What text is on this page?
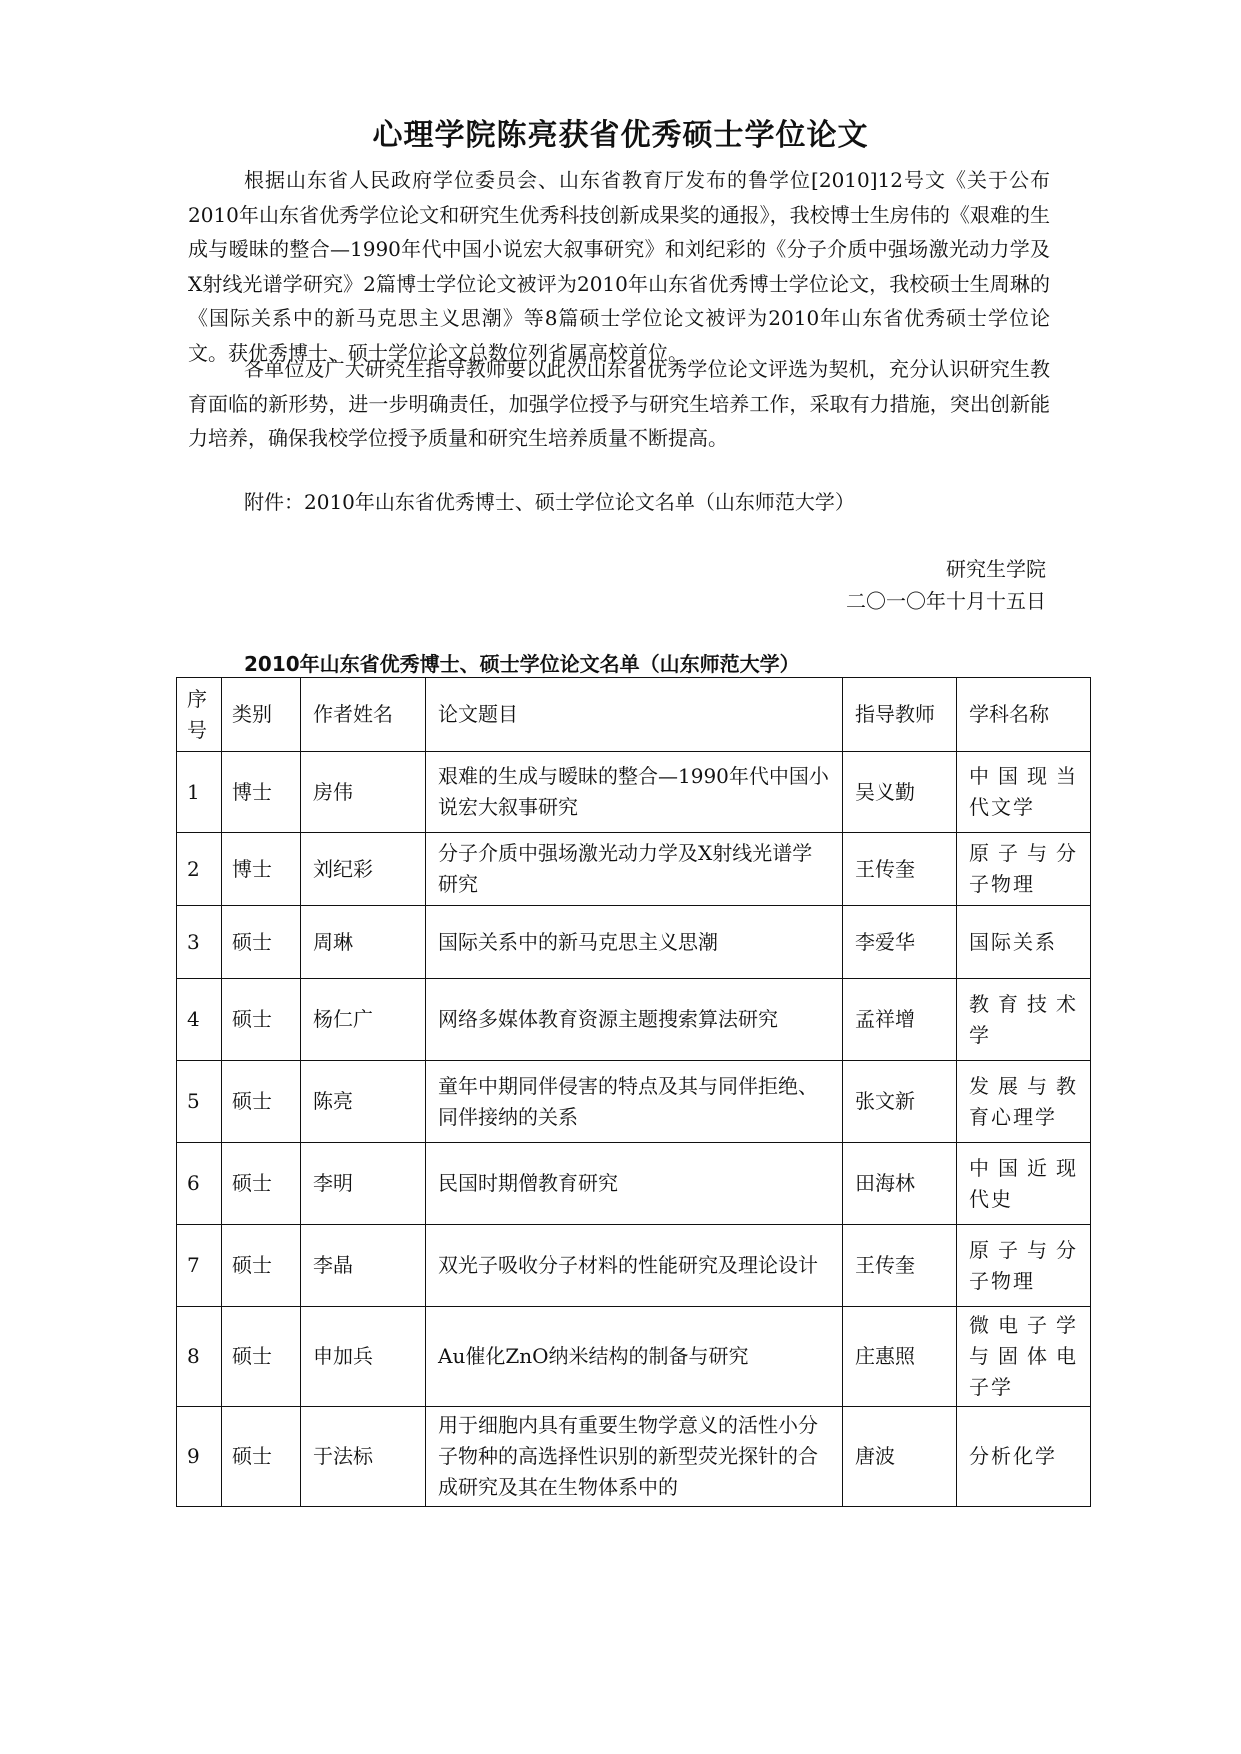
心理学院陈亮获省优秀硕士学位论文
根据山东省人民政府学位委员会、山东省教育厅发布的鲁学位[2010]12号文《关于公布2010年山东省优秀学位论文和研究生优秀科技创新成果奖的通报》，我校博士生房伟的《艰难的生成与暧昧的整合—1990年代中国小说宏大叙事研究》和刘纪彩的《分子介质中强场激光动力学及X射线光谱学研究》2篇博士学位论文被评为2010年山东省优秀博士学位论文，我校硕士生周琳的《国际关系中的新马克思主义思潮》等8篇硕士学位论文被评为2010年山东省优秀硕士学位论文。获优秀博士、硕士学位论文总数位列省属高校首位。
各单位及广大研究生指导教师要以此次山东省优秀学位论文评选为契机，充分认识研究生教育面临的新形势，进一步明确责任，加强学位授予与研究生培养工作，采取有力措施，突出创新能力培养，确保我校学位授予质量和研究生培养质量不断提高。
附件：2010年山东省优秀博士、硕士学位论文名单（山东师范大学）
研究生学院
二〇一〇年十月十五日
2010年山东省优秀博士、硕士学位论文名单（山东师范大学）
序号	类别	作者姓名	论文题目	指导教师	学科名称
1	博士	房伟	艰难的生成与暧昧的整合—1990年代中国小说宏大叙事研究	吴义勤	中国现当代文学
2	博士	刘纪彩	分子介质中强场激光动力学及X射线光谱学研究	王传奎	原子与分子物理
3	硕士	周琳	国际关系中的新马克思主义思潮	李爱华	国际关系
4	硕士	杨仁广	网络多媒体教育资源主题搜索算法研究	孟祥增	教育技术学
5	硕士	陈亮	童年中期同伴侵害的特点及其与同伴拒绝、同伴接纳的关系	张文新	发展与教育心理学
6	硕士	李明	民国时期僧教育研究	田海林	中国近现代史
7	硕士	李晶	双光子吸收分子材料的性能研究及理论设计	王传奎	原子与分子物理
8	硕士	申加兵	Au催化ZnO纳米结构的制备与研究	庄惠照	微电子学与固体电子学
9	硕士	于法标	用于细胞内具有重要生物学意义的活性小分子物种的高选择性识别的新型荧光探针的合成研究及其在生物体系中的	唐波	分析化学
